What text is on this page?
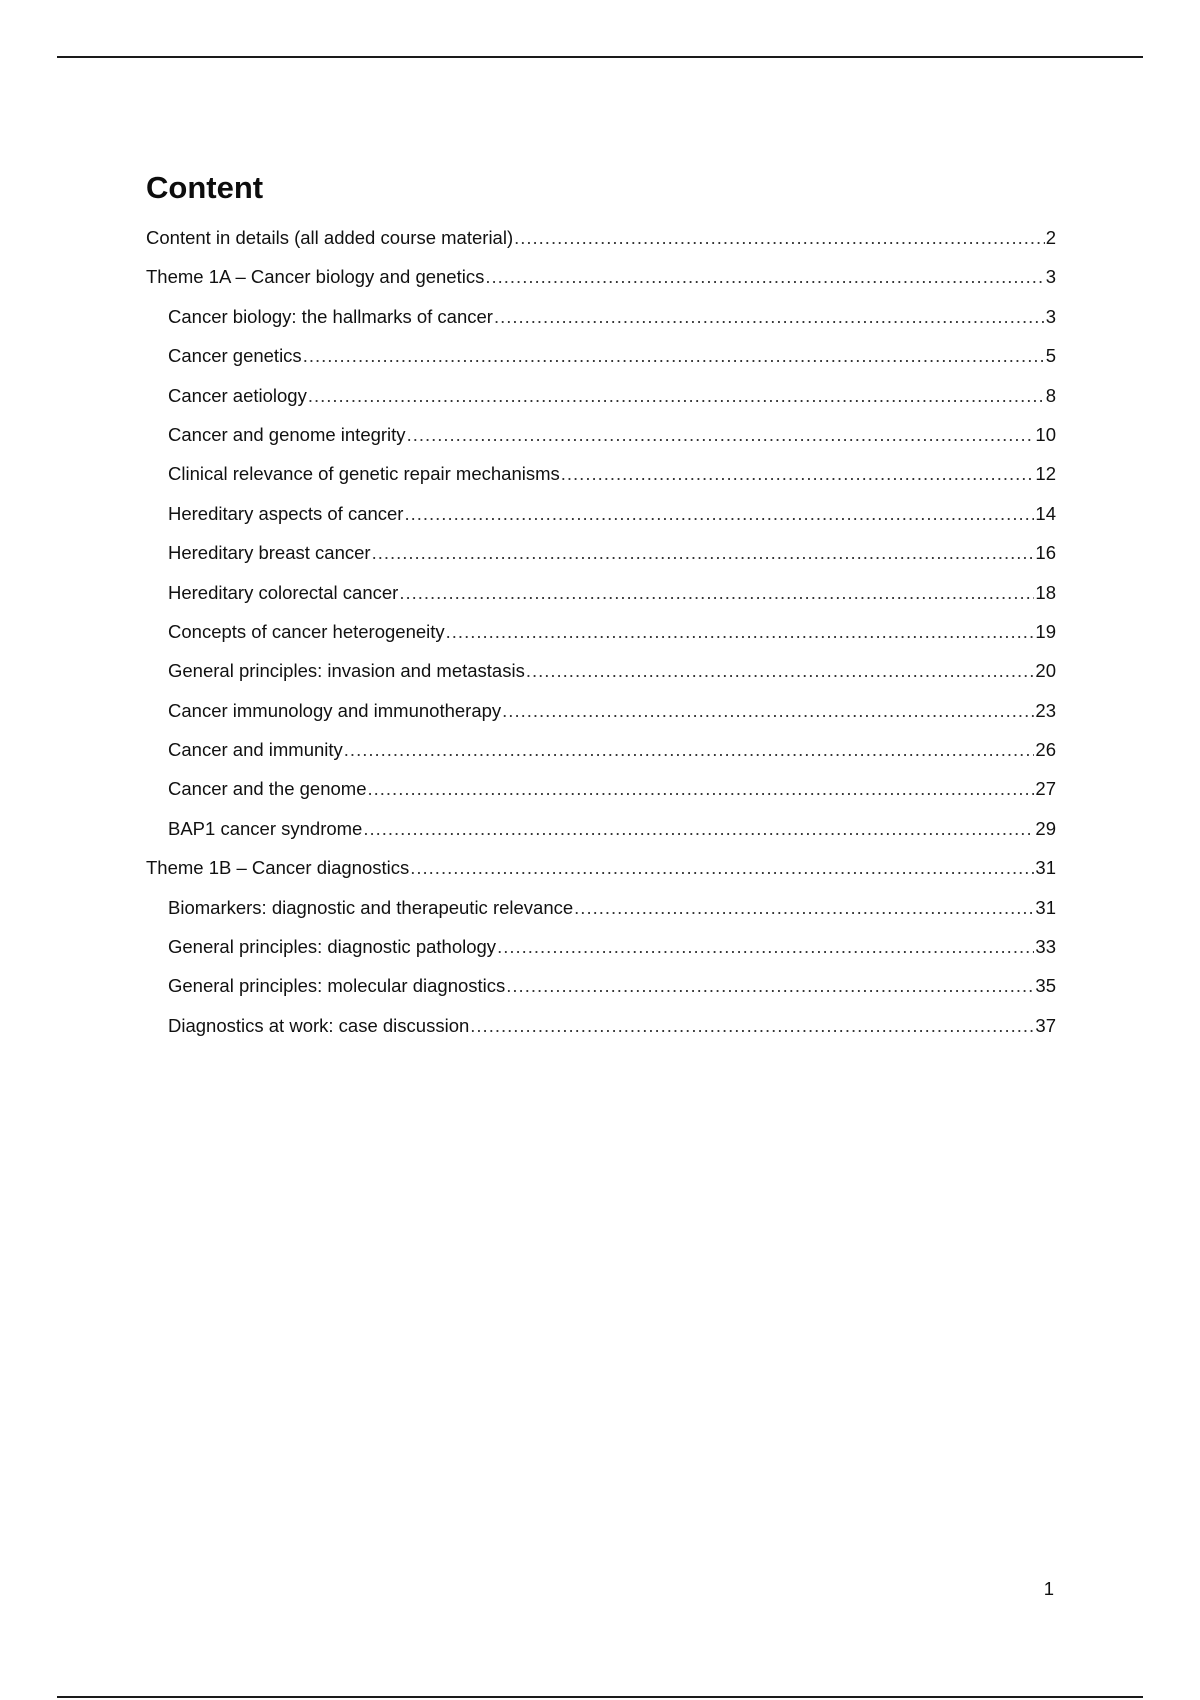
Content
Content in details (all added course material) .....	2
Theme 1A – Cancer biology and genetics .....	3
Cancer biology: the hallmarks of cancer .....	3
Cancer genetics .....	5
Cancer aetiology .....	8
Cancer and genome integrity .....	10
Clinical relevance of genetic repair mechanisms .....	12
Hereditary aspects of cancer .....	14
Hereditary breast cancer .....	16
Hereditary colorectal cancer .....	18
Concepts of cancer heterogeneity .....	19
General principles: invasion and metastasis .....	20
Cancer immunology and immunotherapy .....	23
Cancer and immunity .....	26
Cancer and the genome .....	27
BAP1 cancer syndrome .....	29
Theme 1B – Cancer diagnostics .....	31
Biomarkers: diagnostic and therapeutic relevance .....	31
General principles: diagnostic pathology .....	33
General principles: molecular diagnostics .....	35
Diagnostics at work: case discussion .....	37
1
